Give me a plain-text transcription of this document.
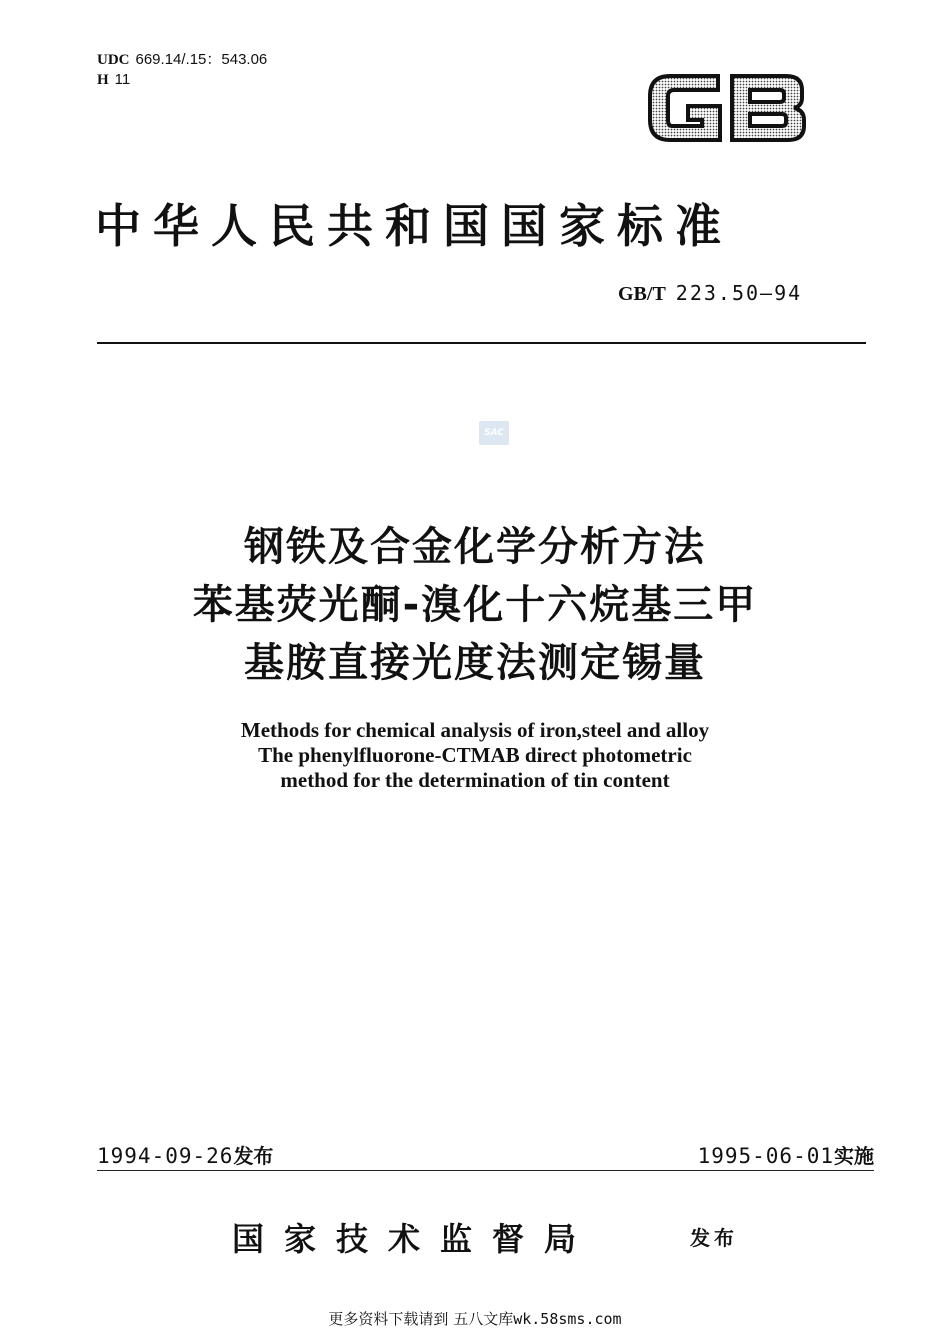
UDC 669.14/.15：543.06
H 11
中华人民共和国国家标准
GB/T 223.50—94
SAC
钢铁及合金化学分析方法
苯基荧光酮-溴化十六烷基三甲
基胺直接光度法测定锡量
Methods for chemical analysis of iron,steel and alloy
The phenylfluorone-CTMAB direct photometric
method for the determination of tin content
1994-09-26发布	1995-06-01实施
国家技术监督局	发布
更多资料下载请到 五八文库wk.58sms.com
